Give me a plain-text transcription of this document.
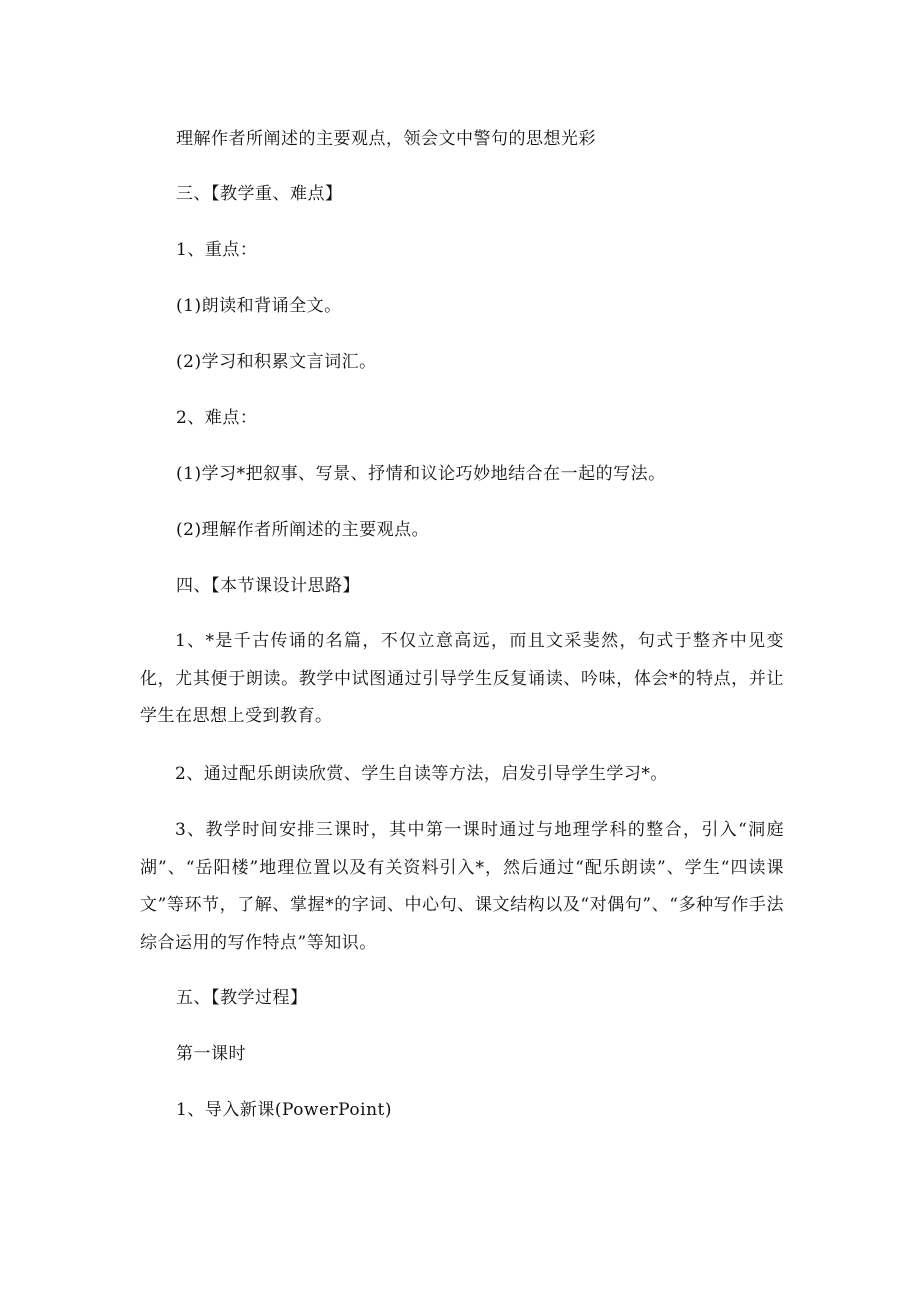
理解作者所阐述的主要观点，领会文中警句的思想光彩
三、【教学重、难点】
1、重点：
(1)朗读和背诵全文。
(2)学习和积累文言词汇。
2、难点：
(1)学习*把叙事、写景、抒情和议论巧妙地结合在一起的写法。
(2)理解作者所阐述的主要观点。
四、【本节课设计思路】
1、*是千古传诵的名篇，不仅立意高远，而且文采斐然，句式于整齐中见变化，尤其便于朗读。教学中试图通过引导学生反复诵读、吟味，体会*的特点，并让学生在思想上受到教育。
2、通过配乐朗读欣赏、学生自读等方法，启发引导学生学习*。
3、教学时间安排三课时，其中第一课时通过与地理学科的整合，引入“洞庭湖”、“岳阳楼”地理位置以及有关资料引入*，然后通过“配乐朗读”、学生“四读课文”等环节，了解、掌握*的字词、中心句、课文结构以及“对偶句”、“多种写作手法综合运用的写作特点”等知识。
五、【教学过程】
第一课时
1、导入新课(PowerPoint)
